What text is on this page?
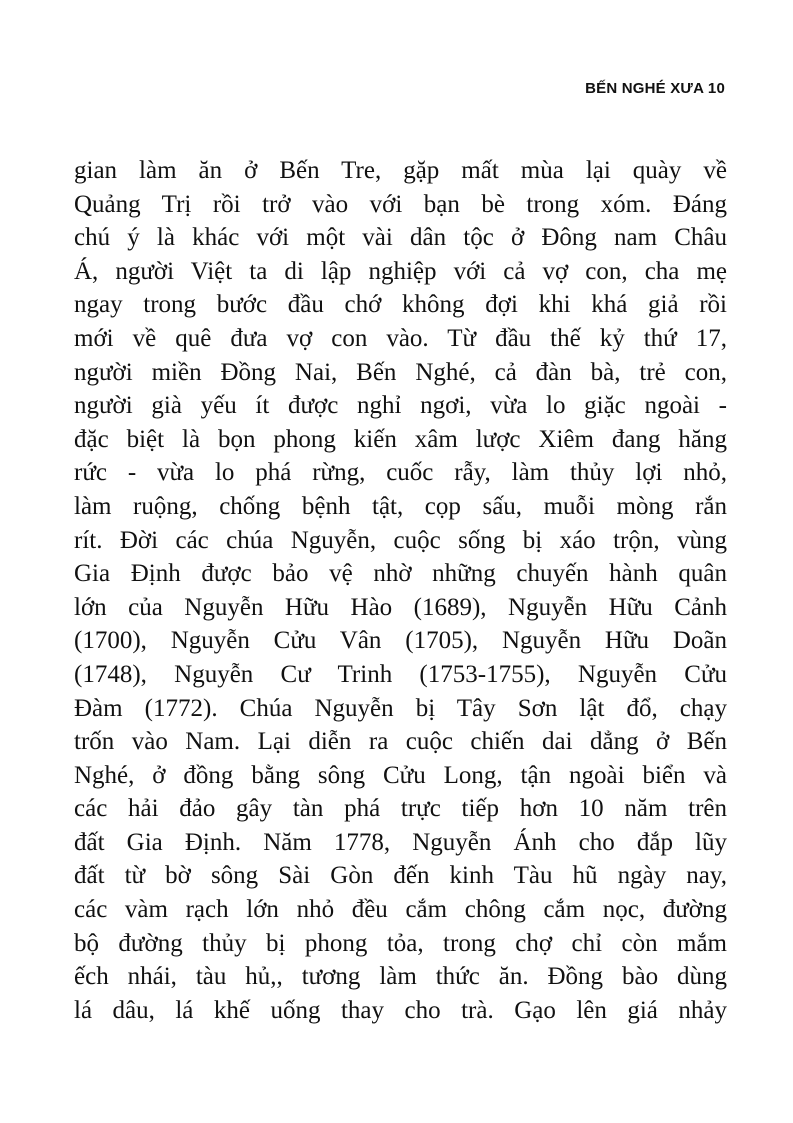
BẾN NGHÉ XƯA 10
gian làm ăn ở Bến Tre, gặp mất mùa lại quày về
Quảng Trị rồi trở vào với bạn bè trong xóm. Đáng
chú ý là khác với một vài dân tộc ở Đông nam Châu
Á, người Việt ta di lập nghiệp với cả vợ con, cha mẹ
ngay trong bước đầu chớ không đợi khi khá giả rồi
mới về quê đưa vợ con vào. Từ đầu thế kỷ thứ 17,
người miền Đồng Nai, Bến Nghé, cả đàn bà, trẻ con,
người già yếu ít được nghỉ ngơi, vừa lo giặc ngoài -
đặc biệt là bọn phong kiến xâm lược Xiêm đang hăng
rức - vừa lo phá rừng, cuốc rẫy, làm thủy lợi nhỏ,
làm ruộng, chống bệnh tật, cọp sấu, muỗi mòng rắn
rít. Đời các chúa Nguyễn, cuộc sống bị xáo trộn, vùng
Gia Định được bảo vệ nhờ những chuyến hành quân
lớn của Nguyễn Hữu Hào (1689), Nguyễn Hữu Cảnh
(1700), Nguyễn Cửu Vân (1705), Nguyễn Hữu Doãn
(1748), Nguyễn Cư Trinh (1753-1755), Nguyễn Cửu
Đàm (1772). Chúa Nguyễn bị Tây Sơn lật đổ, chạy
trốn vào Nam. Lại diễn ra cuộc chiến dai dẳng ở Bến
Nghé, ở đồng bằng sông Cửu Long, tận ngoài biển và
các hải đảo gây tàn phá trực tiếp hơn 10 năm trên
đất Gia Định. Năm 1778, Nguyễn Ánh cho đắp lũy
đất từ bờ sông Sài Gòn đến kinh Tàu hũ ngày nay,
các vàm rạch lớn nhỏ đều cắm chông cắm nọc, đường
bộ đường thủy bị phong tỏa, trong chợ chỉ còn mắm
ếch nhái, tàu hủ,, tương làm thức ăn. Đồng bào dùng
lá dâu, lá khế uống thay cho trà. Gạo lên giá nhảy
